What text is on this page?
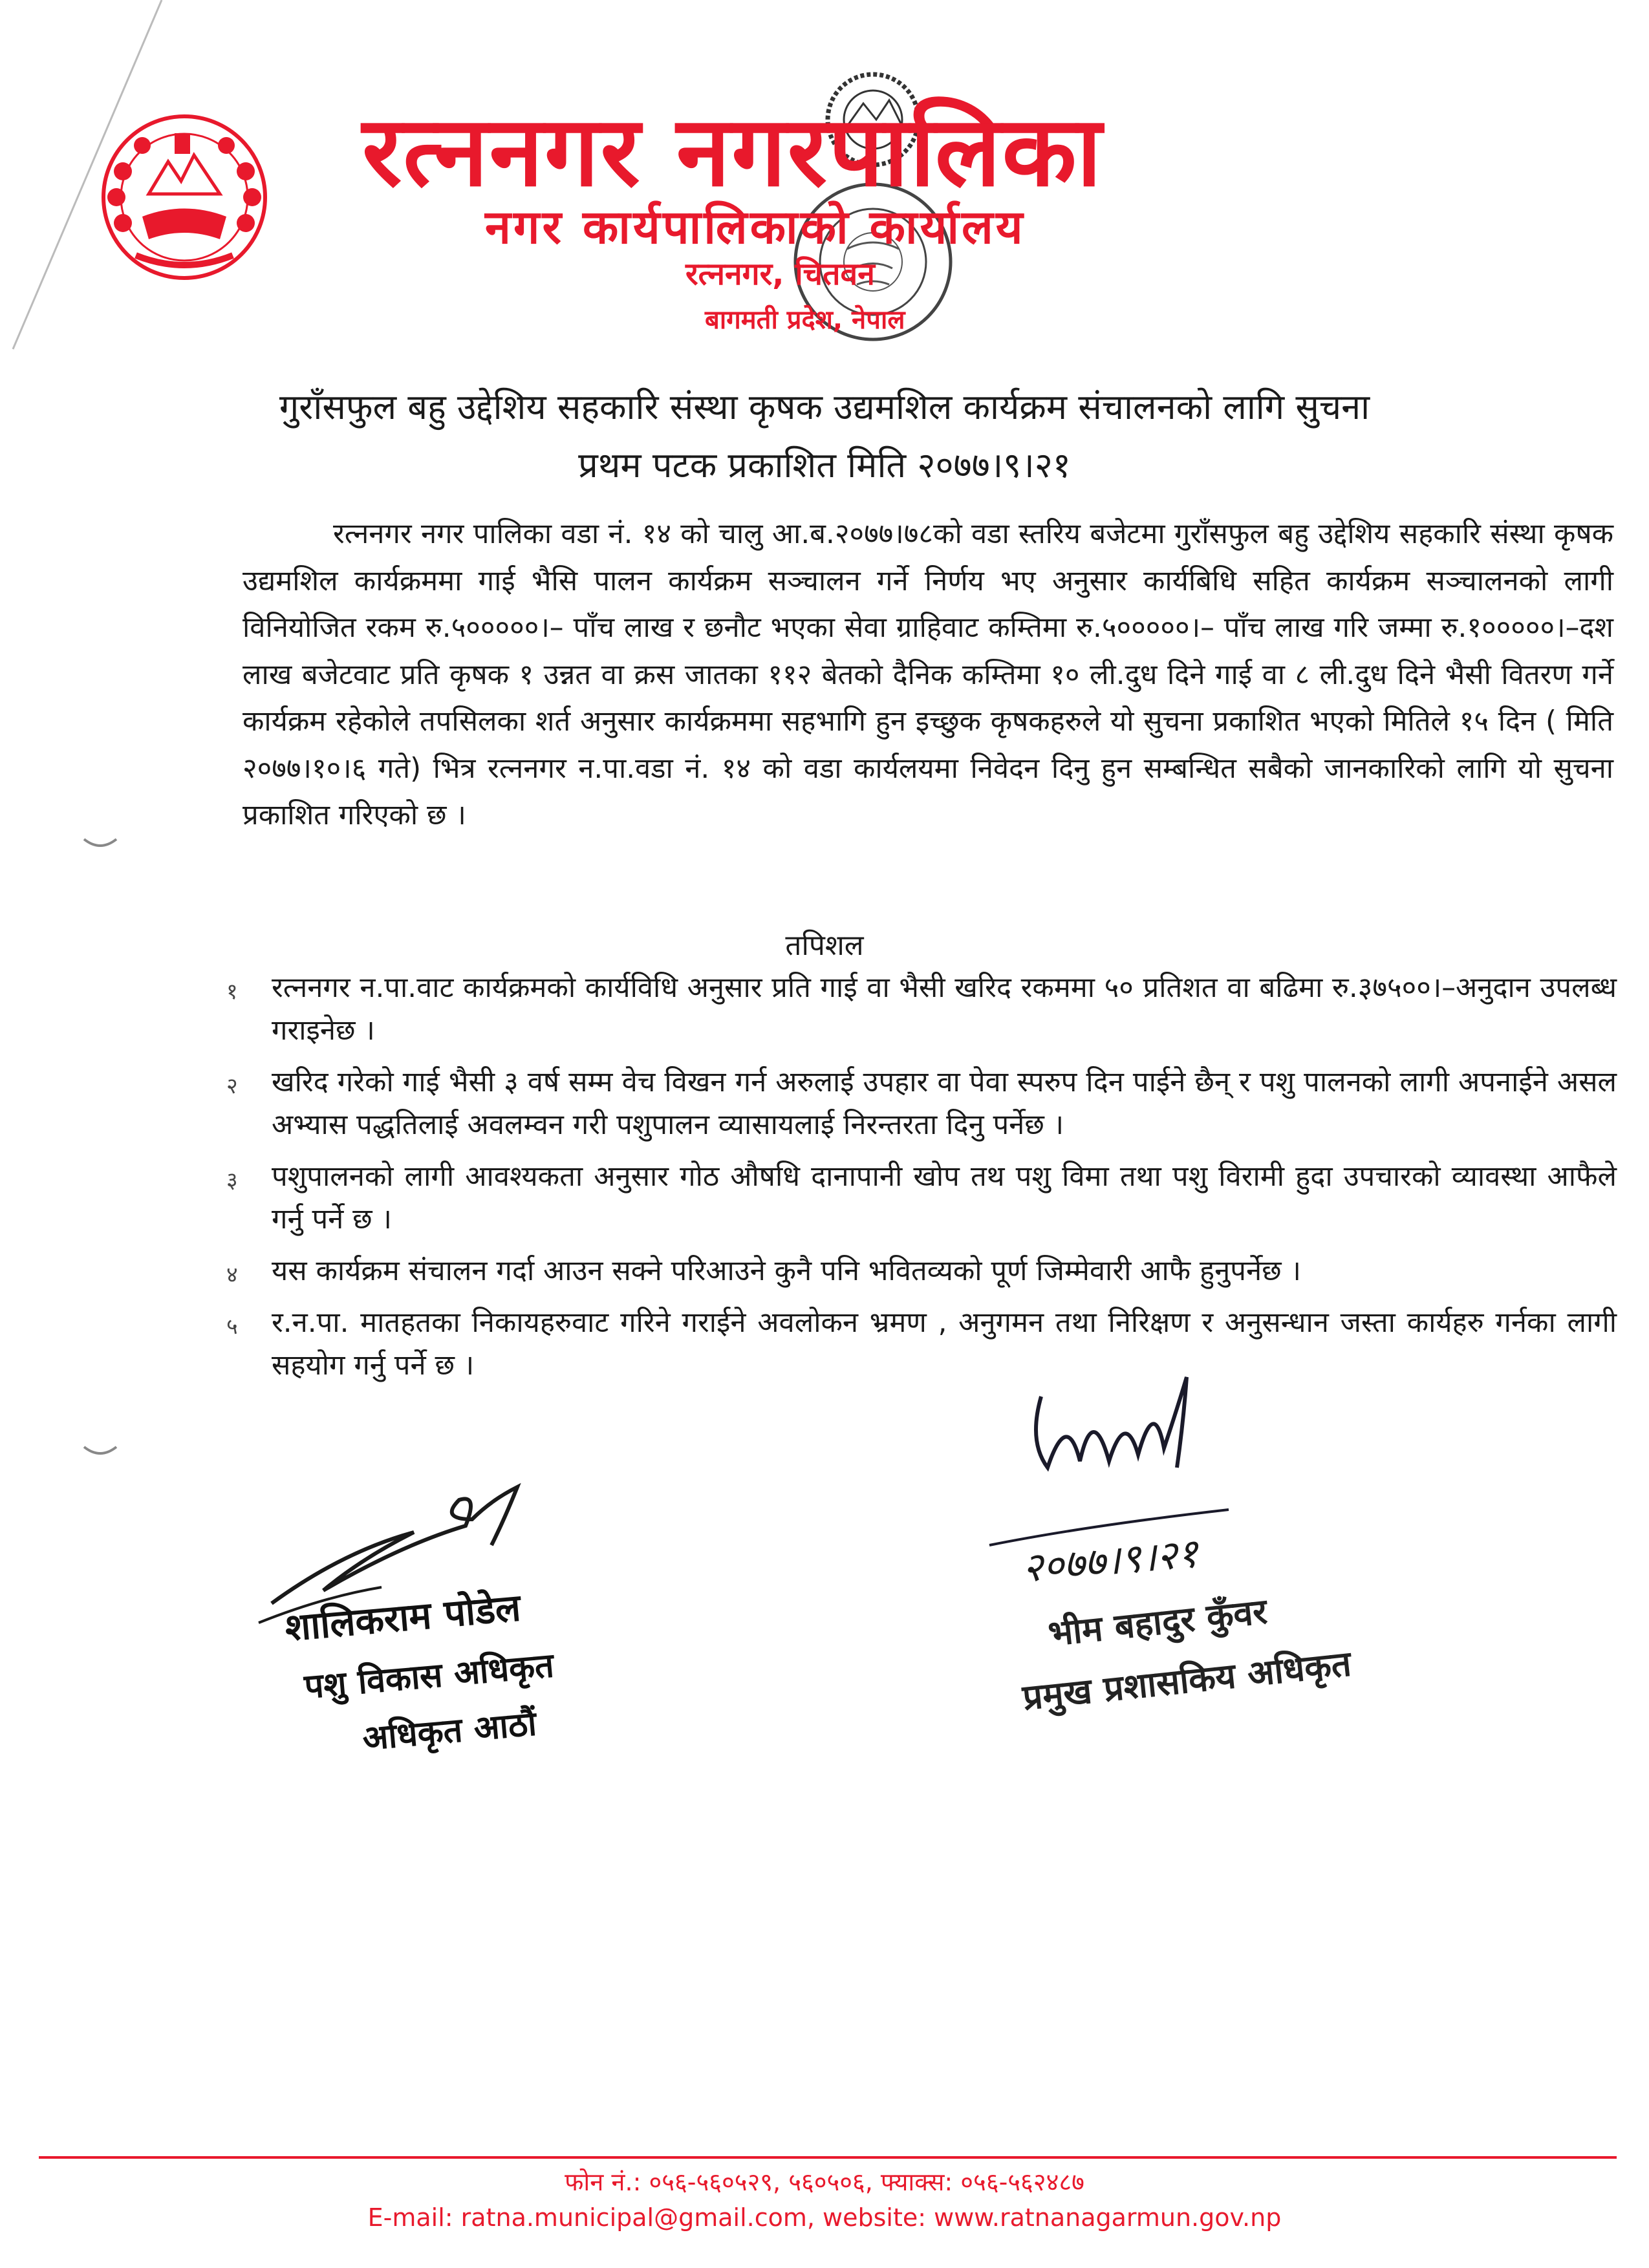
रत्ननगर नगरपालिका
नगर कार्यपालिकाको कार्यालय
रत्ननगर, चितवन
बागमती प्रदेश, नेपाल
गुराँसफुल बहु उद्देशिय सहकारि संस्था कृषक उद्यमशिल कार्यक्रम संचालनको लागि सुचना
प्रथम पटक प्रकाशित मिति २०७७।९।२१
रत्ननगर नगर पालिका वडा नं. १४ को चालु आ.ब.२०७७।७८को वडा स्तरिय बजेटमा गुराँसफुल बहु उद्देशिय सहकारि संस्था कृषक उद्यमशिल कार्यक्रममा गाई भैसि पालन कार्यक्रम सञ्चालन गर्ने निर्णय भए अनुसार कार्यबिधि सहित कार्यक्रम सञ्चालनको लागी विनियोजित रकम रु.५०००००।– पाँच लाख र छनौट भएका सेवा ग्राहिवाट कम्तिमा रु.५०००००।– पाँच लाख गरि जम्मा रु.१०००००।–दश लाख बजेटवाट प्रति कृषक १ उन्नत वा क्रस जातका ११२ बेतको दैनिक कम्तिमा १० ली.दुध दिने गाई वा ८ ली.दुध दिने भैसी वितरण गर्ने कार्यक्रम रहेकोले तपसिलका शर्त अनुसार कार्यक्रममा सहभागि हुन इच्छुक कृषकहरुले यो सुचना प्रकाशित भएको मितिले १५ दिन ( मिति २०७७।१०।६ गते) भित्र रत्ननगर न.पा.वडा नं. १४ को वडा कार्यलयमा निवेदन दिनु हुन सम्बन्धित सबैको जानकारिको लागि यो सुचना प्रकाशित गरिएको छ ।
तपिशल
१	रत्ननगर न.पा.वाट कार्यक्रमको कार्यविधि अनुसार प्रति गाई वा भैसी खरिद रकममा ५० प्रतिशत वा बढिमा रु.३७५००।–अनुदान उपलब्ध गराइनेछ ।
२	खरिद गरेको गाई भैसी ३ वर्ष सम्म वेच विखन गर्न अरुलाई उपहार वा पेवा स्परुप दिन पाईने छैन् र पशु पालनको लागी अपनाईने असल अभ्यास पद्धतिलाई अवलम्वन गरी पशुपालन व्यासायलाई निरन्तरता दिनु पर्नेछ ।
३	पशुपालनको लागी आवश्यकता अनुसार गोठ औषधि दानापानी खोप तथ पशु विमा तथा पशु विरामी हुदा उपचारको व्यावस्था आफैले गर्नु पर्ने छ ।
४	यस कार्यक्रम संचालन गर्दा आउन सक्ने परिआउने कुनै पनि भवितव्यको पूर्ण जिम्मेवारी आफै हुनुपर्नेछ ।
५	र.न.पा. मातहतका निकायहरुवाट गरिने गराईने अवलोकन भ्रमण , अनुगमन तथा निरिक्षण र अनुसन्धान जस्ता कार्यहरु गर्नका लागी सहयोग गर्नु पर्ने छ ।
२०७७।९।२१
भीम बहादुर कुँवर
प्रमुख प्रशासकिय अधिकृत
शालिकराम पोडेल
पशु विकास अधिकृत
अधिकृत आठौं
फोन नं.: ०५६-५६०५२९, ५६०५०६, फ्याक्स: ०५६-५६२४८७
E-mail: ratna.municipal@gmail.com, website: www.ratnanagarmun.gov.np
